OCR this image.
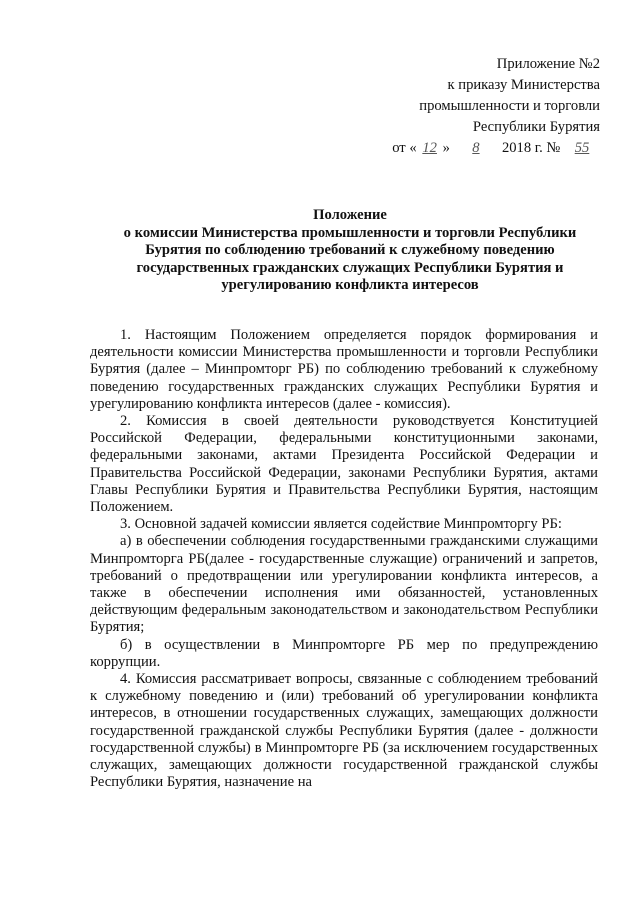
Приложение №2
к приказу Министерства
промышленности и торговли
Республики Бурятия
от « 12 » 8 2018 г. № 55
Положение
о комиссии Министерства промышленности и торговли Республики
Бурятия по соблюдению требований к служебному поведению
государственных гражданских служащих Республики Бурятия и
урегулированию конфликта интересов

1. Настоящим Положением определяется порядок формирования и деятельности комиссии Министерства промышленности и торговли Республики Бурятия (далее – Минпромторг РБ) по соблюдению требований к служебному поведению государственных гражданских служащих Республики Бурятия и урегулированию конфликта интересов (далее - комиссия).

2. Комиссия в своей деятельности руководствуется Конституцией Российской Федерации, федеральными конституционными законами, федеральными законами, актами Президента Российской Федерации и Правительства Российской Федерации, законами Республики Бурятия, актами Главы Республики Бурятия и Правительства Республики Бурятия, настоящим Положением.

3. Основной задачей комиссии является содействие Минпромторгу РБ:

а) в обеспечении соблюдения государственными гражданскими служащими Минпромторга РБ(далее - государственные служащие) ограничений и запретов, требований о предотвращении или урегулировании конфликта интересов, а также в обеспечении исполнения ими обязанностей, установленных действующим федеральным законодательством и законодательством Республики Бурятия;

б) в осуществлении в Минпромторге РБ мер по предупреждению коррупции.

4. Комиссия рассматривает вопросы, связанные с соблюдением требований к служебному поведению и (или) требований об урегулировании конфликта интересов, в отношении государственных служащих, замещающих должности государственной гражданской службы Республики Бурятия (далее - должности государственной службы) в Минпромторге РБ (за исключением государственных служащих, замещающих должности государственной гражданской службы Республики Бурятия, назначение на
